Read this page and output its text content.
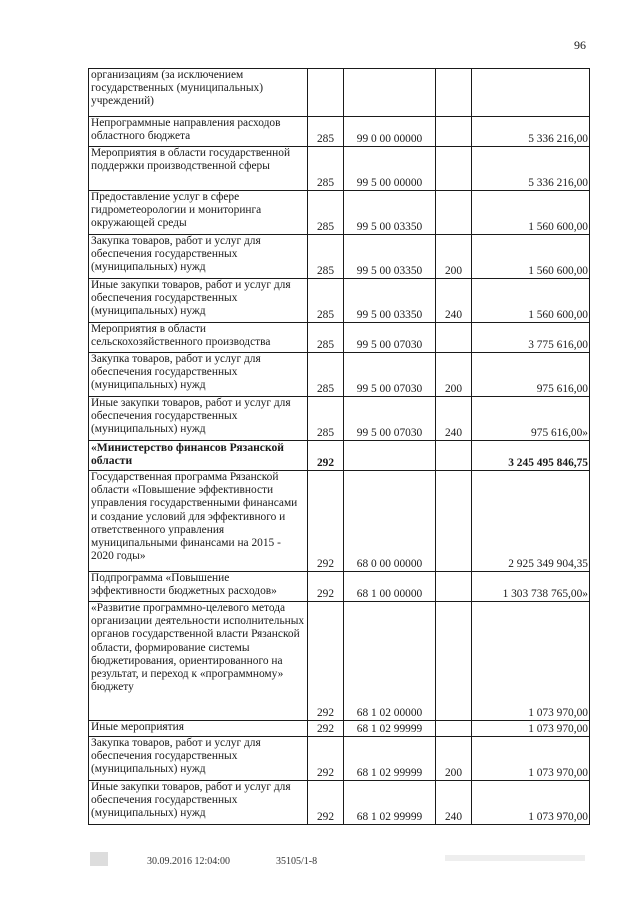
96
организациям (за исключением государственных (муниципальных) учреждений)				
Непрограммные направления расходов областного бюджета	285	99 0 00 00000		5 336 216,00
Мероприятия в области государственной поддержки производственной сферы	285	99 5 00 00000		5 336 216,00
Предоставление услуг в сфере гидрометеорологии и мониторинга окружающей среды	285	99 5 00 03350		1 560 600,00
Закупка товаров, работ и услуг для обеспечения государственных (муниципальных) нужд	285	99 5 00 03350	200	1 560 600,00
Иные закупки товаров, работ и услуг для обеспечения государственных (муниципальных) нужд	285	99 5 00 03350	240	1 560 600,00
Мероприятия в области сельскохозяйственного производства	285	99 5 00 07030		3 775 616,00
Закупка товаров, работ и услуг для обеспечения государственных (муниципальных) нужд	285	99 5 00 07030	200	975 616,00
Иные закупки товаров, работ и услуг для обеспечения государственных (муниципальных) нужд	285	99 5 00 07030	240	975 616,00»
«Министерство финансов Рязанской области	292			3 245 495 846,75
Государственная программа Рязанской области «Повышение эффективности управления государственными финансами и создание условий для эффективного и ответственного управления муниципальными финансами на 2015 - 2020 годы»	292	68 0 00 00000		2 925 349 904,35
Подпрограмма «Повышение эффективности бюджетных расходов»	292	68 1 00 00000		1 303 738 765,00»
«Развитие программно-целевого метода организации деятельности исполнительных органов государственной власти Рязанской области, формирование системы бюджетирования, ориентированного на результат, и переход к «программному» бюджету	292	68 1 02 00000		1 073 970,00
Иные мероприятия	292	68 1 02 99999		1 073 970,00
Закупка товаров, работ и услуг для обеспечения государственных (муниципальных) нужд	292	68 1 02 99999	200	1 073 970,00
Иные закупки товаров, работ и услуг для обеспечения государственных (муниципальных) нужд	292	68 1 02 99999	240	1 073 970,00
30.09.2016 12:04:00	35105/1-8
